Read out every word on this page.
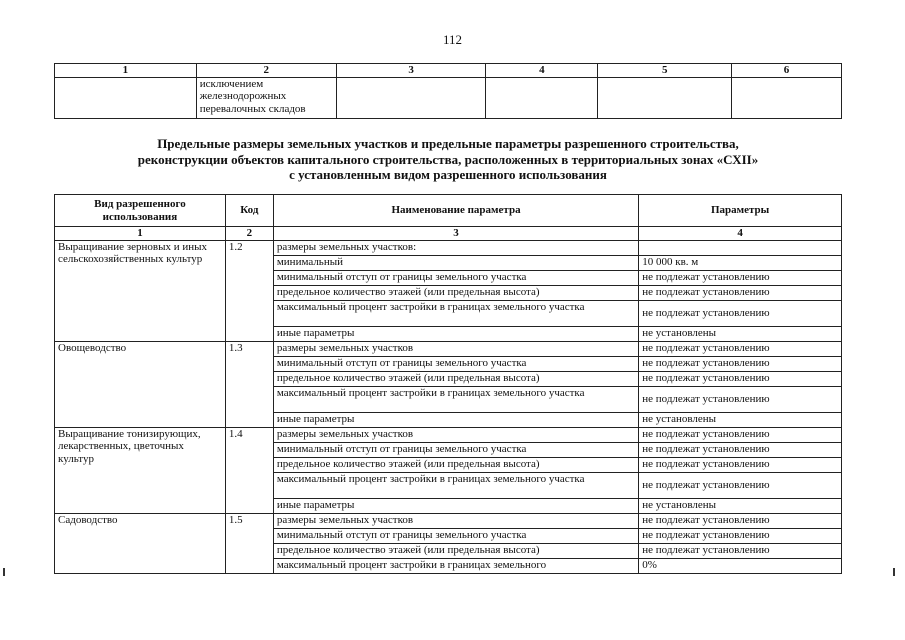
112
1	2	3	4	5	6
	исключением железнодорожных перевалочных складов				
Предельные размеры земельных участков и предельные параметры разрешенного строительства,
реконструкции объектов капитального строительства, расположенных в территориальных зонах «СХII»
с установленным видом разрешенного использования
Вид разрешенного использования	Код	Наименование параметра	Параметры
1	2	3	4
Выращивание зерновых и иных сельскохозяйственных культур	1.2	размеры земельных участков:	
		минимальный	10 000 кв. м
		минимальный отступ от границы земельного участка	не подлежат установлению
		предельное количество этажей (или предельная высота)	не подлежат установлению
		максимальный процент застройки в границах земельного участка	не подлежат установлению
		иные параметры	не установлены
Овощеводство	1.3	размеры земельных участков	не подлежат установлению
		минимальный отступ от границы земельного участка	не подлежат установлению
		предельное количество этажей (или предельная высота)	не подлежат установлению
		максимальный процент застройки в границах земельного участка	не подлежат установлению
		иные параметры	не установлены
Выращивание тонизирующих, лекарственных, цветочных культур	1.4	размеры земельных участков	не подлежат установлению
		минимальный отступ от границы земельного участка	не подлежат установлению
		предельное количество этажей (или предельная высота)	не подлежат установлению
		максимальный процент застройки в границах земельного участка	не подлежат установлению
		иные параметры	не установлены
Садоводство	1.5	размеры земельных участков	не подлежат установлению
		минимальный отступ от границы земельного участка	не подлежат установлению
		предельное количество этажей (или предельная высота)	не подлежат установлению
		максимальный процент застройки в границах земельного	0%
